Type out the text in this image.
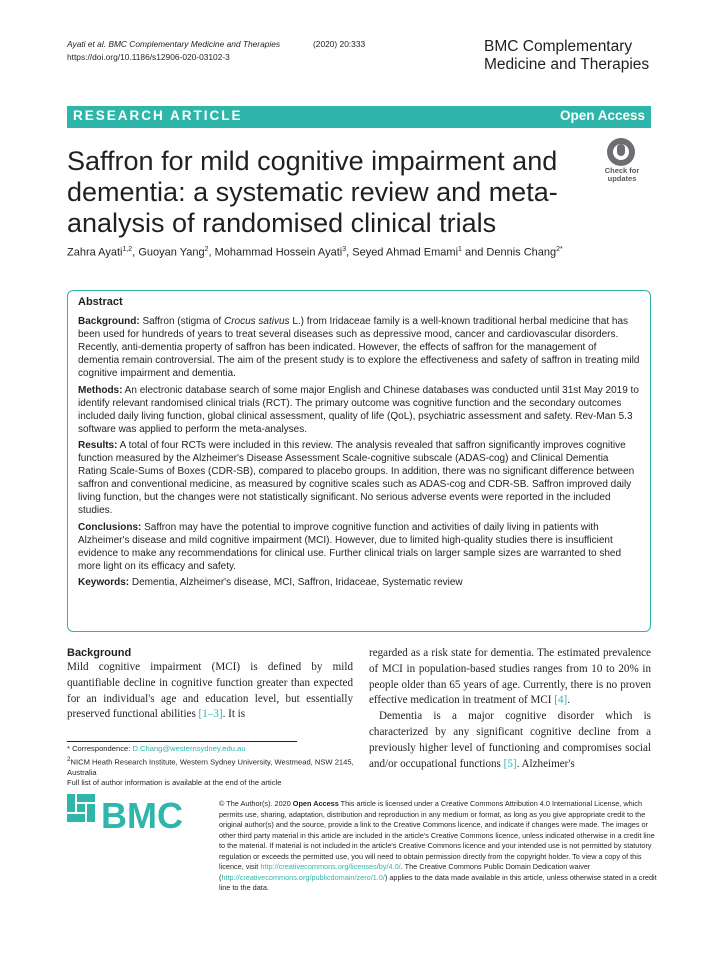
Ayati et al. BMC Complementary Medicine and Therapies	(2020) 20:333
https://doi.org/10.1186/s12906-020-03102-3
BMC Complementary
Medicine and Therapies
RESEARCH ARTICLE	Open Access
Saffron for mild cognitive impairment and
dementia: a systematic review and meta-
analysis of randomised clinical trials
Check for
updates
Zahra Ayati$^{1,2}$, Guoyan Yang$^2$, Mohammad Hossein Ayati$^3$, Seyed Ahmad Emami$^1$ and Dennis Chang$^{2*}$
Abstract

Background: Saffron (stigma of Crocus sativus L.) from Iridaceae family is a well-known traditional herbal medicine that has been used for hundreds of years to treat several diseases such as depressive mood, cancer and cardiovascular disorders. Recently, anti-dementia property of saffron has been indicated. However, the effects of saffron for the management of dementia remain controversial. The aim of the present study is to explore the effectiveness and safety of saffron in treating mild cognitive impairment and dementia.

Methods: An electronic database search of some major English and Chinese databases was conducted until 31st May 2019 to identify relevant randomised clinical trials (RCT). The primary outcome was cognitive function and the secondary outcomes included daily living function, global clinical assessment, quality of life (QoL), psychiatric assessment and safety. Rev-Man 5.3 software was applied to perform the meta-analyses.

Results: A total of four RCTs were included in this review. The analysis revealed that saffron significantly improves cognitive function measured by the Alzheimer's Disease Assessment Scale-cognitive subscale (ADAS-cog) and Clinical Dementia Rating Scale-Sums of Boxes (CDR-SB), compared to placebo groups. In addition, there was no significant difference between saffron and conventional medicine, as measured by cognitive scales such as ADAS-cog and CDR-SB. Saffron improved daily living function, but the changes were not statistically significant. No serious adverse events were reported in the included studies.

Conclusions: Saffron may have the potential to improve cognitive function and activities of daily living in patients with Alzheimer's disease and mild cognitive impairment (MCI). However, due to limited high-quality studies there is insufficient evidence to make any recommendations for clinical use. Further clinical trials on larger sample sizes are warranted to shed more light on its efficacy and safety.

Keywords: Dementia, Alzheimer's disease, MCI, Saffron, Iridaceae, Systematic review

Background

Mild cognitive impairment (MCI) is defined by mild quantifiable decline in cognitive function greater than expected for an individual's age and education level, but essentially preserved functional abilities [1–3]. It is

regarded as a risk state for dementia. The estimated prevalence of MCI in population-based studies ranges from 10 to 20% in people older than 65 years of age. Currently, there is no proven effective medication in treatment of MCI [4].

Dementia is a major cognitive disorder which is characterized by any significant cognitive decline from a previously higher level of functioning and compromises social and/or occupational functions [5]. Alzheimer's

* Correspondence: D.Chang@westernsydney.edu.au
$^2$NICM Heath Research Institute, Western Sydney University, Westmead, NSW 2145, Australia
Full list of author information is available at the end of the article
BMC	© The Author(s). 2020 Open Access This article is licensed under a Creative Commons Attribution 4.0 International License, which permits use, sharing, adaptation, distribution and reproduction in any medium or format, as long as you give appropriate credit to the original author(s) and the source, provide a link to the Creative Commons licence, and indicate if changes were made. The images or other third party material in this article are included in the article's Creative Commons licence, unless indicated otherwise in a credit line to the material. If material is not included in the article's Creative Commons licence and your intended use is not permitted by statutory regulation or exceeds the permitted use, you will need to obtain permission directly from the copyright holder. To view a copy of this licence, visit http://creativecommons.org/licenses/by/4.0/. The Creative Commons Public Domain Dedication waiver (http://creativecommons.org/publicdomain/zero/1.0/) applies to the data made available in this article, unless otherwise stated in a credit line to the data.
